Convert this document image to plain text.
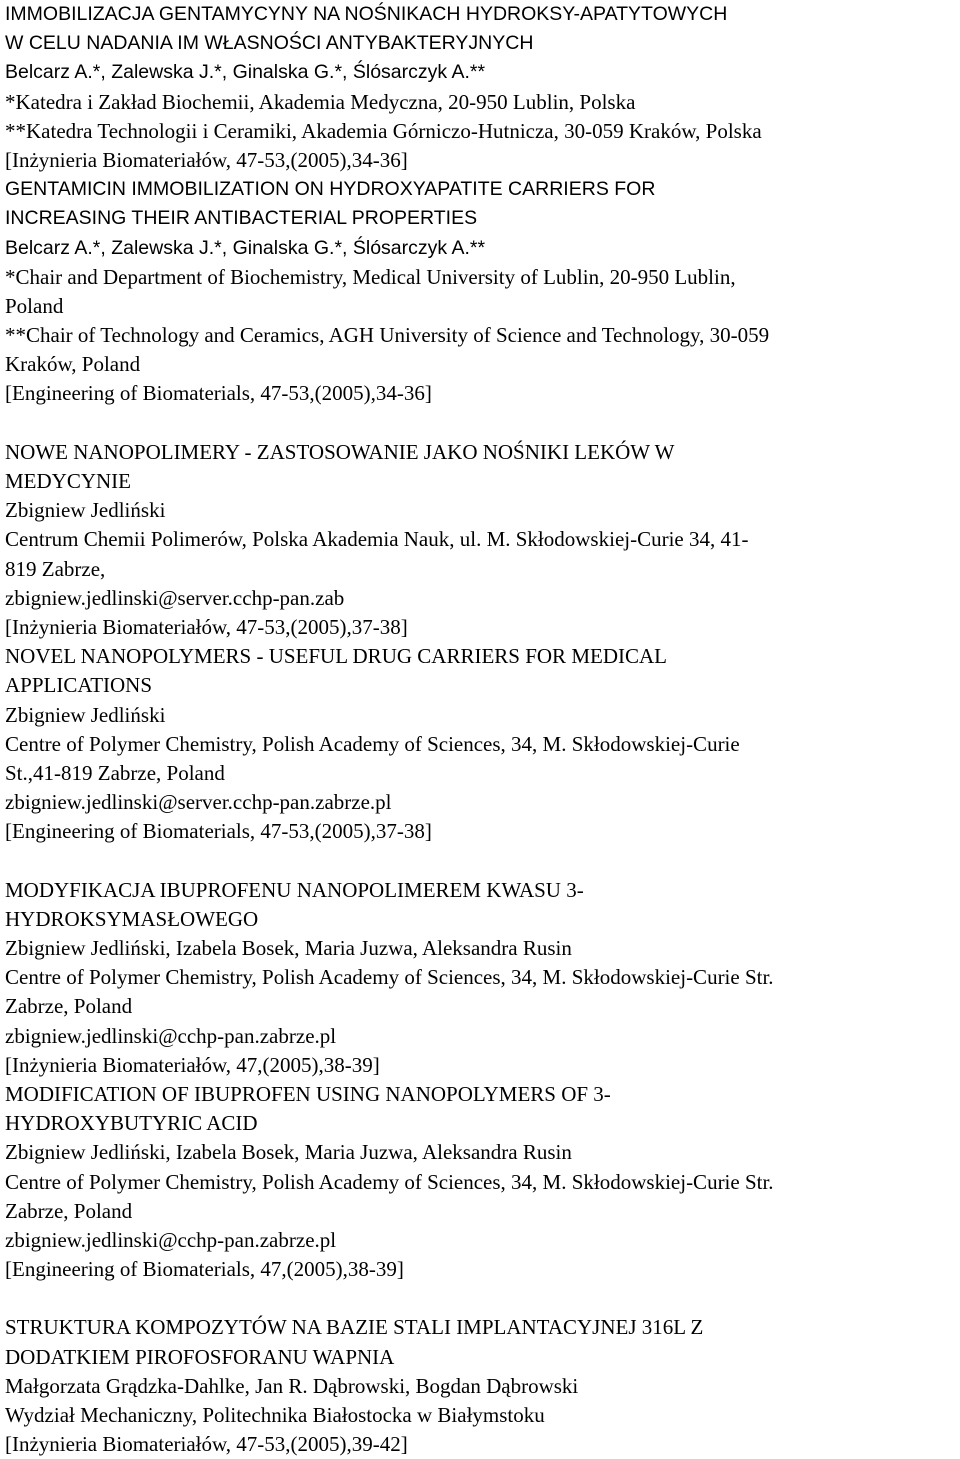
IMMOBILIZACJA GENTAMYCYNY NA NOŚNIKACH HYDROKSY-APATYTOWYCH
W CELU NADANIA IM WŁASNOŚCI ANTYBAKTERYJNYCH
Belcarz A.*, Zalewska J.*, Ginalska G.*, Ślósarczyk A.**
*Katedra i Zakład Biochemii, Akademia Medyczna, 20-950 Lublin, Polska
**Katedra Technologii i Ceramiki, Akademia Górniczo-Hutnicza, 30-059 Kraków, Polska
[Inżynieria Biomateriałów, 47-53,(2005),34-36]
GENTAMICIN IMMOBILIZATION ON HYDROXYAPATITE CARRIERS FOR
INCREASING THEIR ANTIBACTERIAL PROPERTIES
Belcarz A.*, Zalewska J.*, Ginalska G.*, Ślósarczyk A.**
*Chair and Department of Biochemistry, Medical University of Lublin, 20-950 Lublin,
Poland
**Chair of Technology and Ceramics, AGH University of Science and Technology, 30-059
Kraków, Poland
[Engineering of Biomaterials, 47-53,(2005),34-36]
NOWE NANOPOLIMERY - ZASTOSOWANIE JAKO NOŚNIKI LEKÓW W
MEDYCYNIE
Zbigniew Jedliński
Centrum Chemii Polimerów, Polska Akademia Nauk, ul. M. Skłodowskiej-Curie 34, 41-
819 Zabrze,
zbigniew.jedlinski@server.cchp-pan.zab
[Inżynieria Biomateriałów, 47-53,(2005),37-38]
NOVEL NANOPOLYMERS - USEFUL DRUG CARRIERS FOR MEDICAL
APPLICATIONS
Zbigniew Jedliński
Centre of Polymer Chemistry, Polish Academy of Sciences, 34, M. Skłodowskiej-Curie
St.,41-819 Zabrze, Poland
zbigniew.jedlinski@server.cchp-pan.zabrze.pl
[Engineering of Biomaterials, 47-53,(2005),37-38]
MODYFIKACJA IBUPROFENU NANOPOLIMEREM KWASU 3-
HYDROKSYMASŁOWEGO
Zbigniew Jedliński, Izabela Bosek, Maria Juzwa, Aleksandra Rusin
Centre of Polymer Chemistry, Polish Academy of Sciences, 34, M. Skłodowskiej-Curie Str.
Zabrze, Poland
zbigniew.jedlinski@cchp-pan.zabrze.pl
[Inżynieria Biomateriałów, 47,(2005),38-39]
MODIFICATION OF IBUPROFEN USING NANOPOLYMERS OF 3-
HYDROXYBUTYRIC ACID
Zbigniew Jedliński, Izabela Bosek, Maria Juzwa, Aleksandra Rusin
Centre of Polymer Chemistry, Polish Academy of Sciences, 34, M. Skłodowskiej-Curie Str.
Zabrze, Poland
zbigniew.jedlinski@cchp-pan.zabrze.pl
[Engineering of Biomaterials, 47,(2005),38-39]
STRUKTURA KOMPOZYTÓW NA BAZIE STALI IMPLANTACYJNEJ 316L Z
DODATKIEM PIROFOSFORANU WAPNIA
Małgorzata Grądzka-Dahlke, Jan R. Dąbrowski, Bogdan Dąbrowski
Wydział Mechaniczny, Politechnika Białostocka w Białymstoku
[Inżynieria Biomateriałów, 47-53,(2005),39-42]
